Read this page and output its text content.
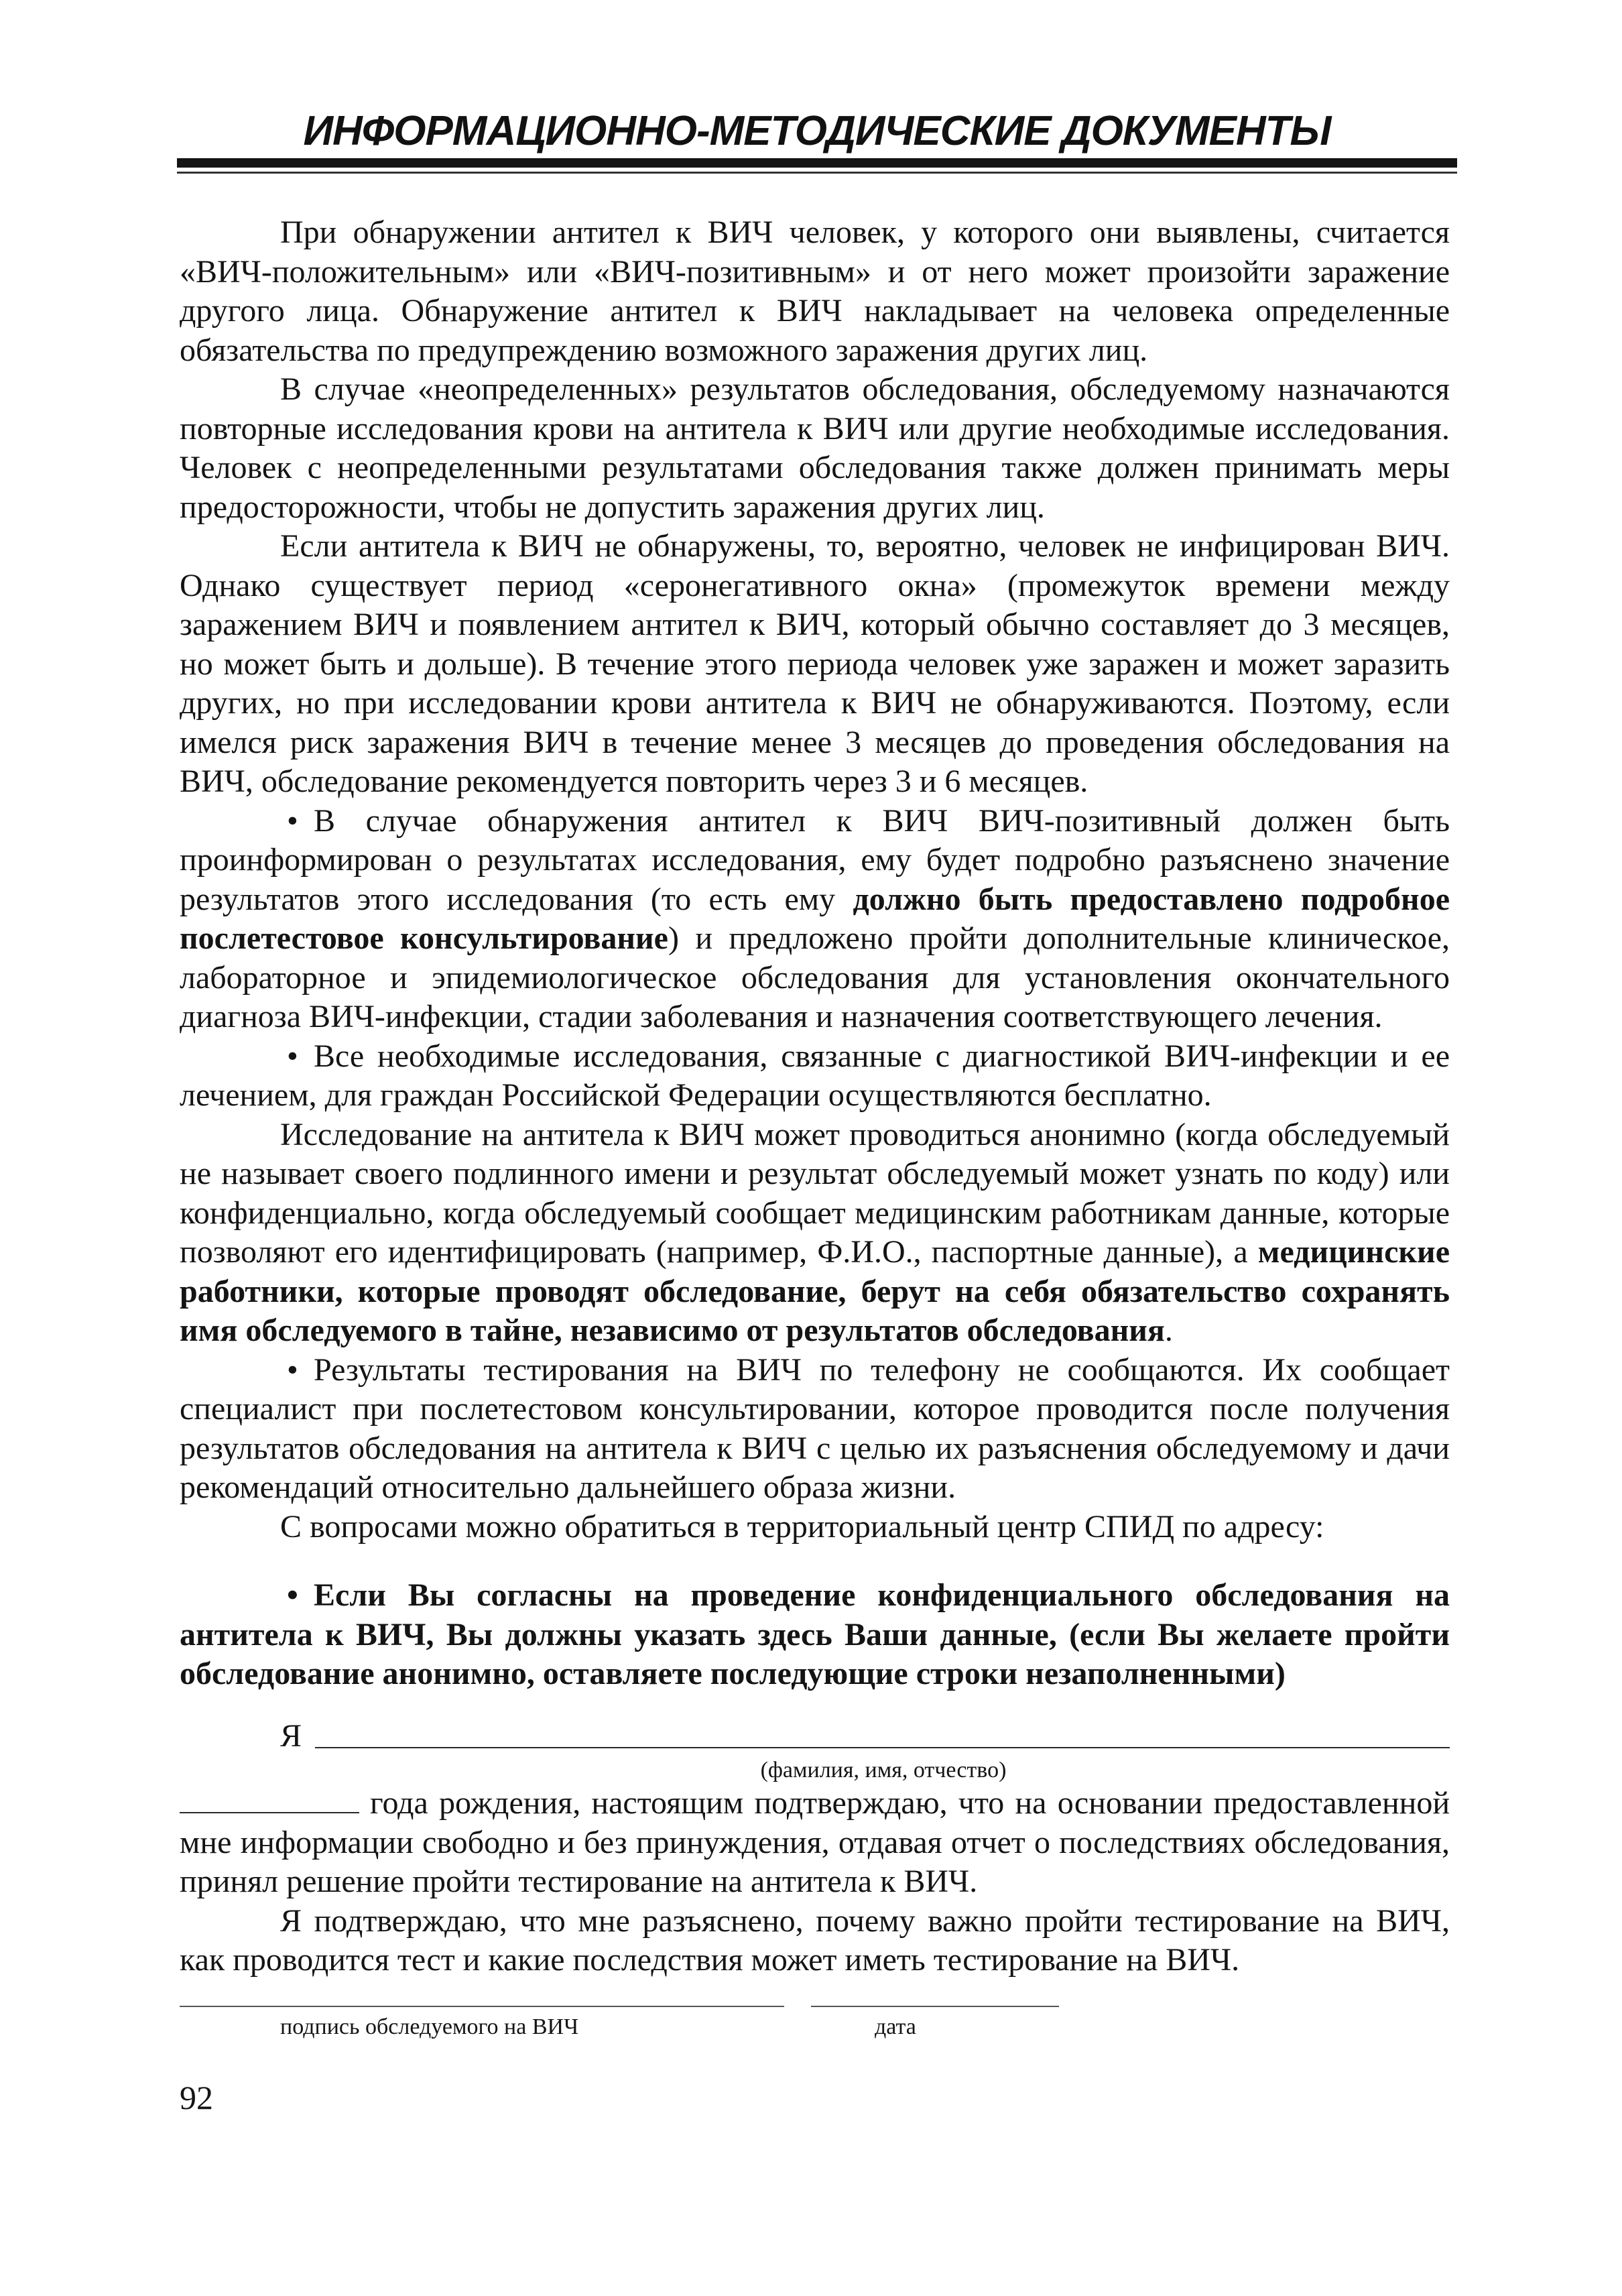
ИНФОРМАЦИОННО-МЕТОДИЧЕСКИЕ ДОКУМЕНТЫ

При обнаружении антител к ВИЧ человек, у которого они выявлены, считается «ВИЧ-положительным» или «ВИЧ-позитивным» и от него может произойти заражение другого лица. Обнаружение антител к ВИЧ накладывает на человека определенные обязательства по предупреждению возможного заражения других лиц.

В случае «неопределенных» результатов обследования, обследуемому назначаются повторные исследования крови на антитела к ВИЧ или другие необходимые исследования. Человек с неопределенными результатами обследования также должен принимать меры предосторожности, чтобы не допустить заражения других лиц.

Если антитела к ВИЧ не обнаружены, то, вероятно, человек не инфицирован ВИЧ. Однако существует период «серонегативного окна» (промежуток времени между заражением ВИЧ и появлением антител к ВИЧ, который обычно составляет до 3 месяцев, но может быть и дольше). В течение этого периода человек уже заражен и может заразить других, но при исследовании крови антитела к ВИЧ не обнаруживаются. Поэтому, если имелся риск заражения ВИЧ в течение менее 3 месяцев до проведения обследования на ВИЧ, обследование рекомендуется повторить через 3 и 6 месяцев.

• В случае обнаружения антител к ВИЧ ВИЧ-позитивный должен быть проинформирован о результатах исследования, ему будет подробно разъяснено значение результатов этого исследования (то есть ему должно быть предоставлено подробное послетестовое консультирование) и предложено пройти дополнительные клиническое, лабораторное и эпидемиологическое обследования для установления окончательного диагноза ВИЧ-инфекции, стадии заболевания и назначения соответствующего лечения.

• Все необходимые исследования, связанные с диагностикой ВИЧ-инфекции и ее лечением, для граждан Российской Федерации осуществляются бесплатно.

Исследование на антитела к ВИЧ может проводиться анонимно (когда обследуемый не называет своего подлинного имени и результат обследуемый может узнать по коду) или конфиденциально, когда обследуемый сообщает медицинским работникам данные, которые позволяют его идентифицировать (например, Ф.И.О., паспортные данные), а медицинские работники, которые проводят обследование, берут на себя обязательство сохранять имя обследуемого в тайне, независимо от результатов обследования.

• Результаты тестирования на ВИЧ по телефону не сообщаются. Их сообщает специалист при послетестовом консультировании, которое проводится после получения результатов обследования на антитела к ВИЧ с целью их разъяснения обследуемому и дачи рекомендаций относительно дальнейшего образа жизни.

С вопросами можно обратиться в территориальный центр СПИД по адресу:

• Если Вы согласны на проведение конфиденциального обследования на антитела к ВИЧ, Вы должны указать здесь Ваши данные, (если Вы желаете пройти обследование анонимно, оставляете последующие строки незаполненными)

Я
(фамилия, имя, отчество)

года рождения, настоящим подтверждаю, что на основании предоставленной мне информации свободно и без принуждения, отдавая отчет о последствиях обследования, принял решение пройти тестирование на антитела к ВИЧ.

Я подтверждаю, что мне разъяснено, почему важно пройти тестирование на ВИЧ, как проводится тест и какие последствия может иметь тестирование на ВИЧ.

подпись обследуемого на ВИЧ	дата
92
